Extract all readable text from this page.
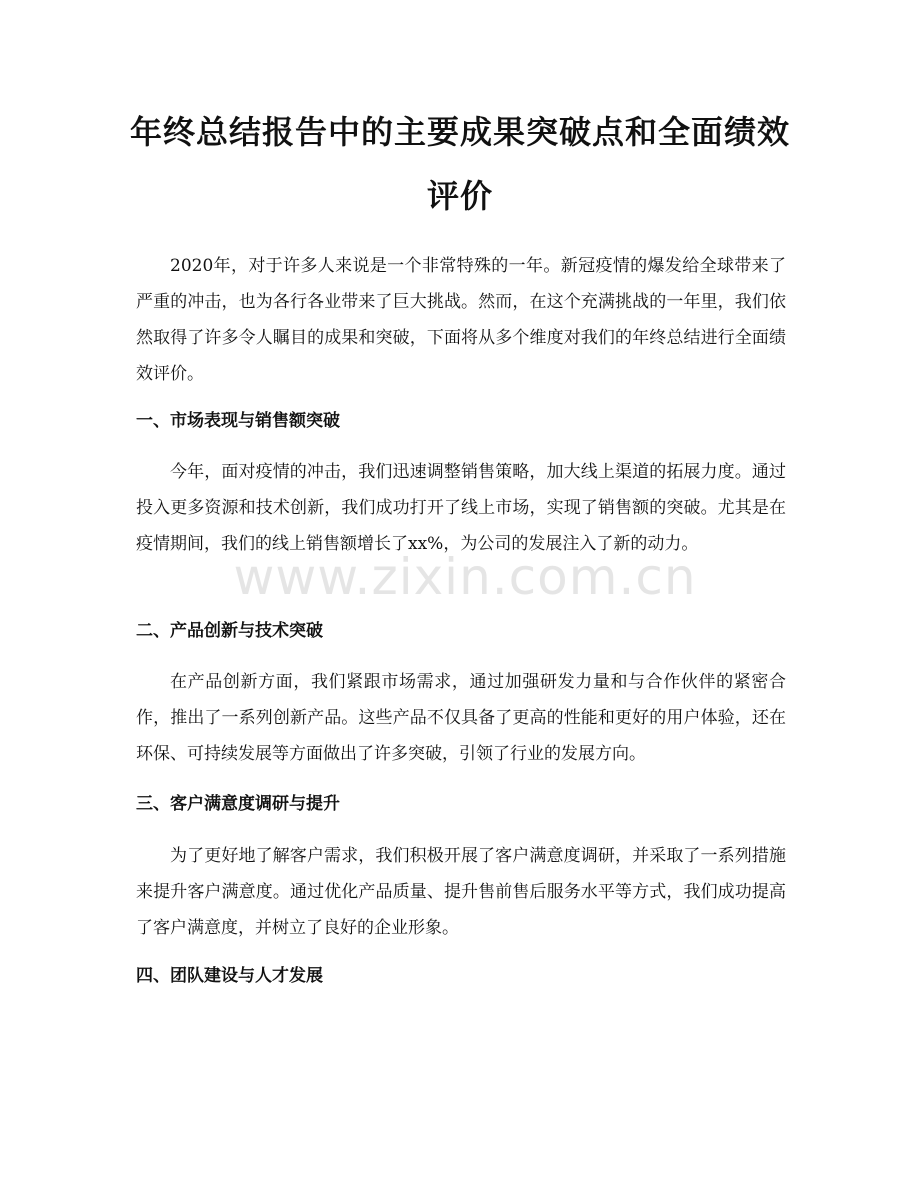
年终总结报告中的主要成果突破点和全面绩效评价

2020年，对于许多人来说是一个非常特殊的一年。新冠疫情的爆发给全球带来了严重的冲击，也为各行各业带来了巨大挑战。然而，在这个充满挑战的一年里，我们依然取得了许多令人瞩目的成果和突破，下面将从多个维度对我们的年终总结进行全面绩效评价。

一、市场表现与销售额突破

今年，面对疫情的冲击，我们迅速调整销售策略，加大线上渠道的拓展力度。通过投入更多资源和技术创新，我们成功打开了线上市场，实现了销售额的突破。尤其是在疫情期间，我们的线上销售额增长了xx%，为公司的发展注入了新的动力。

二、产品创新与技术突破

在产品创新方面，我们紧跟市场需求，通过加强研发力量和与合作伙伴的紧密合作，推出了一系列创新产品。这些产品不仅具备了更高的性能和更好的用户体验，还在环保、可持续发展等方面做出了许多突破，引领了行业的发展方向。

三、客户满意度调研与提升

为了更好地了解客户需求，我们积极开展了客户满意度调研，并采取了一系列措施来提升客户满意度。通过优化产品质量、提升售前售后服务水平等方式，我们成功提高了客户满意度，并树立了良好的企业形象。

四、团队建设与人才发展
www.zixin.com.cn
